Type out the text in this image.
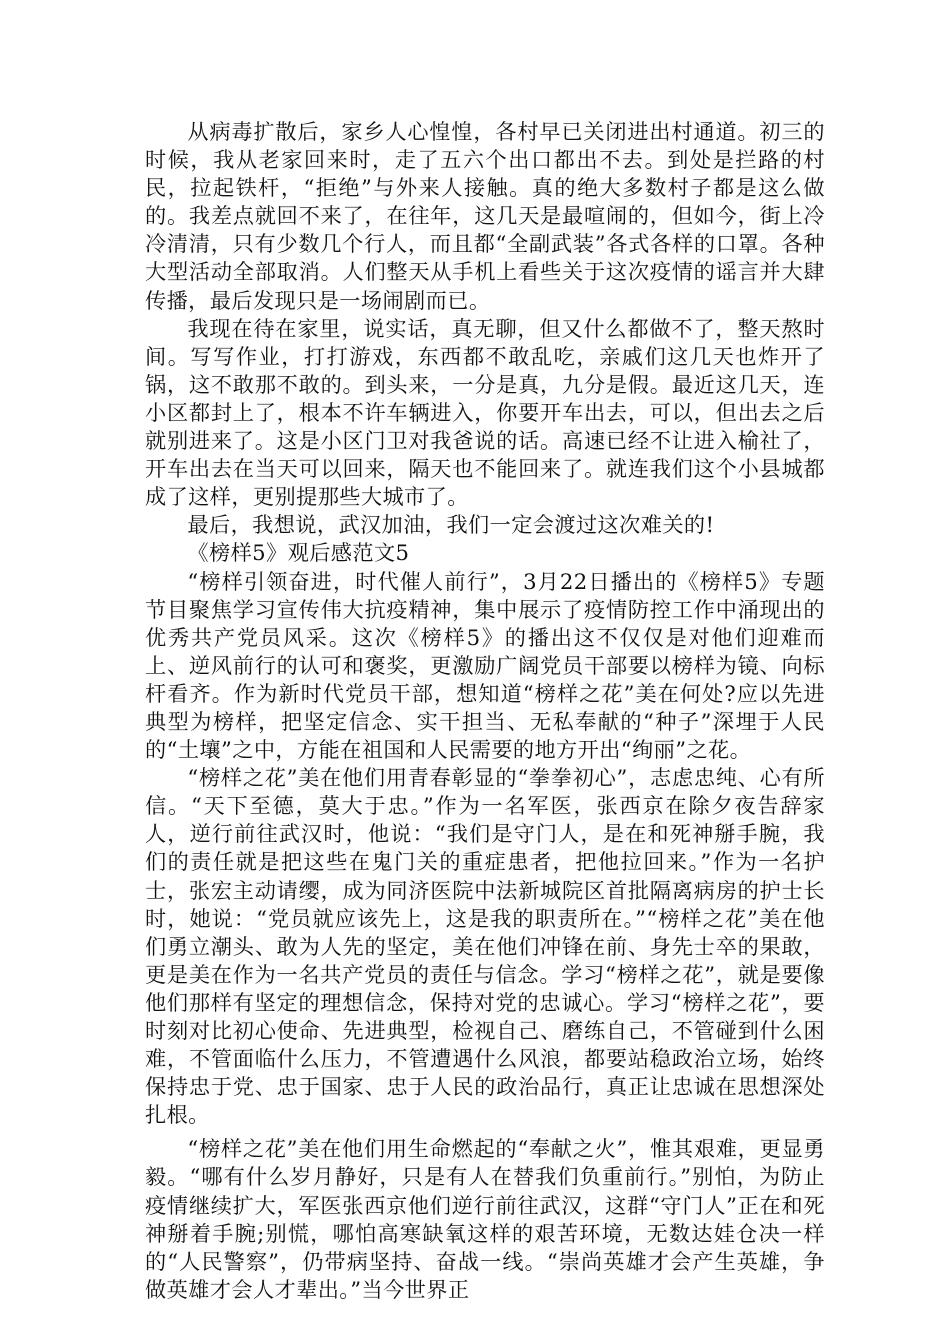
从病毒扩散后，家乡人心惶惶，各村早已关闭进出村通道。初三的时候，我从老家回来时，走了五六个出口都出不去。到处是拦路的村民，拉起铁杆，“拒绝”与外来人接触。真的绝大多数村子都是这么做的。我差点就回不来了，在往年，这几天是最喧闹的，但如今，街上冷冷清清，只有少数几个行人，而且都“全副武装”各式各样的口罩。各种大型活动全部取消。人们整天从手机上看些关于这次疫情的谣言并大肆传播，最后发现只是一场闹剧而已。

我现在待在家里，说实话，真无聊，但又什么都做不了，整天熬时间。写写作业，打打游戏，东西都不敢乱吃，亲戚们这几天也炸开了锅，这不敢那不敢的。到头来，一分是真，九分是假。最近这几天，连小区都封上了，根本不许车辆进入，你要开车出去，可以，但出去之后就别进来了。这是小区门卫对我爸说的话。高速已经不让进入榆社了，开车出去在当天可以回来，隔天也不能回来了。就连我们这个小县城都成了这样，更别提那些大城市了。

最后，我想说，武汉加油，我们一定会渡过这次难关的!

《榜样5》观后感范文5

“榜样引领奋进，时代催人前行”，3月22日播出的《榜样5》专题节目聚焦学习宣传伟大抗疫精神，集中展示了疫情防控工作中涌现出的优秀共产党员风采。这次《榜样5》的播出这不仅仅是对他们迎难而上、逆风前行的认可和褒奖，更激励广阔党员干部要以榜样为镜、向标杆看齐。作为新时代党员干部，想知道“榜样之花”美在何处?应以先进典型为榜样，把坚定信念、实干担当、无私奉献的“种子”深埋于人民的“土壤”之中，方能在祖国和人民需要的地方开出“绚丽”之花。

“榜样之花”美在他们用青春彰显的“拳拳初心”，志虑忠纯、心有所信。“天下至德，莫大于忠。”作为一名军医，张西京在除夕夜告辞家人，逆行前往武汉时，他说：“我们是守门人，是在和死神掰手腕，我们的责任就是把这些在鬼门关的重症患者，把他拉回来。”作为一名护士，张宏主动请缨，成为同济医院中法新城院区首批隔离病房的护士长时，她说：“党员就应该先上，这是我的职责所在。”“榜样之花”美在他们勇立潮头、敢为人先的坚定，美在他们冲锋在前、身先士卒的果敢，更是美在作为一名共产党员的责任与信念。学习“榜样之花”，就是要像他们那样有坚定的理想信念，保持对党的忠诚心。学习“榜样之花”，要时刻对比初心使命、先进典型，检视自己、磨练自己，不管碰到什么困难，不管面临什么压力，不管遭遇什么风浪，都要站稳政治立场，始终保持忠于党、忠于国家、忠于人民的政治品行，真正让忠诚在思想深处扎根。

“榜样之花”美在他们用生命燃起的“奉献之火”，惟其艰难，更显勇毅。“哪有什么岁月静好，只是有人在替我们负重前行。”别怕，为防止疫情继续扩大，军医张西京他们逆行前往武汉，这群“守门人”正在和死神掰着手腕;别慌，哪怕高寒缺氧这样的艰苦环境，无数达娃仓决一样的“人民警察”，仍带病坚持、奋战一线。“崇尚英雄才会产生英雄，争做英雄才会人才辈出。”当今世界正
